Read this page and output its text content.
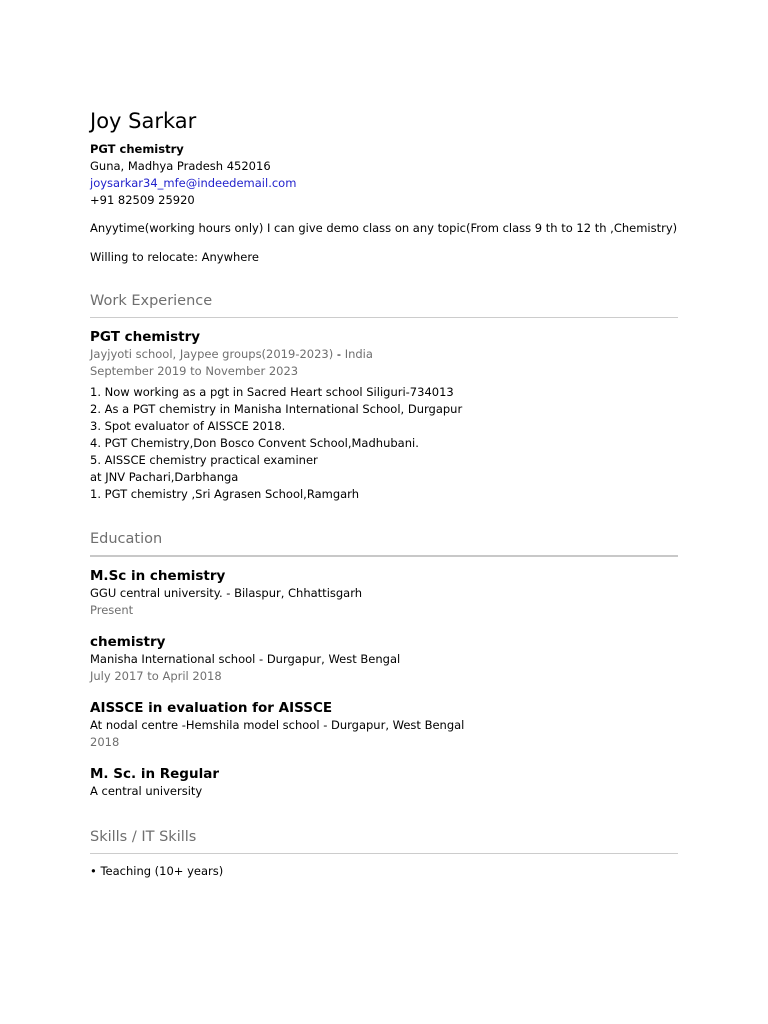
Joy Sarkar
PGT chemistry
Guna, Madhya Pradesh 452016
joysarkar34_mfe@indeedemail.com
+91 82509 25920
Anyytime(working hours only) I can give demo class on any topic(From class 9 th to 12 th ,Chemistry)
Willing to relocate: Anywhere
Work Experience
PGT chemistry
Jayjyoti school, Jaypee groups(2019-2023) - India
September 2019 to November 2023
1. Now working as a pgt in Sacred Heart school Siliguri-734013
2. As a PGT chemistry in Manisha International School, Durgapur
3. Spot evaluator of AISSCE 2018.
4. PGT Chemistry,Don Bosco Convent School,Madhubani.
5. AISSCE chemistry practical examiner
at JNV Pachari,Darbhanga
1. PGT chemistry ,Sri Agrasen School,Ramgarh
Education
M.Sc in chemistry
GGU central university. - Bilaspur, Chhattisgarh
Present
chemistry
Manisha International school - Durgapur, West Bengal
July 2017 to April 2018
AISSCE in evaluation for AISSCE
At nodal centre -Hemshila model school - Durgapur, West Bengal
2018
M. Sc. in Regular
A central university
Skills / IT Skills
• Teaching (10+ years)
